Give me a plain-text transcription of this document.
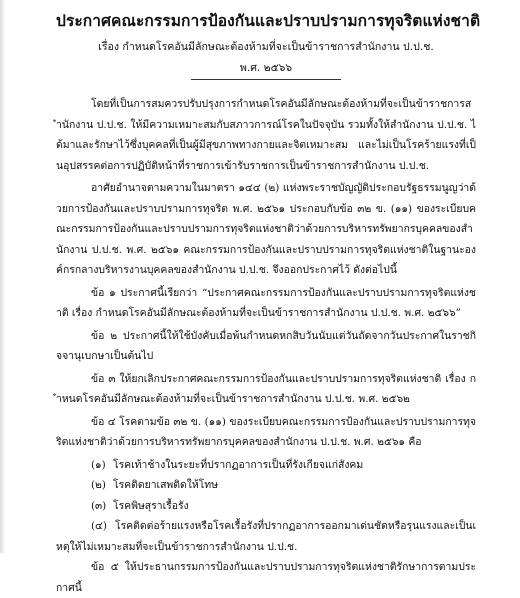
ประกาศคณะกรรมการป้องกันและปราบปรามการทุจริตแห่งชาติ
เรื่อง กำหนดโรคอันมีลักษณะต้องห้ามที่จะเป็นข้าราชการสำนักงาน ป.ป.ช.
พ.ศ. ๒๕๖๖

โดยที่เป็นการสมควรปรับปรุงการกำหนดโรคอันมีลักษณะต้องห้ามที่จะเป็นข้าราชการสำนักงาน ป.ป.ช. ให้มีความเหมาะสมกับสภาวการณ์โรคในปัจจุบัน รวมทั้งให้สำนักงาน ป.ป.ช. ได้มาและรักษาไว้ซึ่งบุคคลที่เป็นผู้มีสุขภาพทางกายและจิตเหมาะสม และไม่เป็นโรคร้ายแรงที่เป็นอุปสรรคต่อการปฏิบัติหน้าที่ราชการเข้ารับราชการเป็นข้าราชการสำนักงาน ป.ป.ช.

อาศัยอำนาจตามความในมาตรา ๑๔๔ (๒) แห่งพระราชบัญญัติประกอบรัฐธรรมนูญว่าด้วยการป้องกันและปราบปรามการทุจริต พ.ศ. ๒๕๖๑ ประกอบกับข้อ ๓๒ ข. (๑๑) ของระเบียบคณะกรรมการป้องกันและปราบปรามการทุจริตแห่งชาติว่าด้วยการบริหารทรัพยากรบุคคลของสำนักงาน ป.ป.ช. พ.ศ. ๒๕๖๑ คณะกรรมการป้องกันและปราบปรามการทุจริตแห่งชาติในฐานะองค์กรกลางบริหารงานบุคคลของสำนักงาน ป.ป.ช. จึงออกประกาศไว้ ดังต่อไปนี้

ข้อ ๑ ประกาศนี้เรียกว่า “ประกาศคณะกรรมการป้องกันและปราบปรามการทุจริตแห่งชาติ เรื่อง กำหนดโรคอันมีลักษณะต้องห้ามที่จะเป็นข้าราชการสำนักงาน ป.ป.ช. พ.ศ. ๒๕๖๖”

ข้อ ๒ ประกาศนี้ให้ใช้บังคับเมื่อพ้นกำหนดหกสิบวันนับแต่วันถัดจากวันประกาศในราชกิจจานุเบกษาเป็นต้นไป

ข้อ ๓ ให้ยกเลิกประกาศคณะกรรมการป้องกันและปราบปรามการทุจริตแห่งชาติ เรื่อง กำหนดโรคอันมีลักษณะต้องห้ามที่จะเป็นข้าราชการสำนักงาน ป.ป.ช. พ.ศ. ๒๕๖๒

ข้อ ๔ โรคตามข้อ ๓๒ ข. (๑๑) ของระเบียบคณะกรรมการป้องกันและปราบปรามการทุจริตแห่งชาติว่าด้วยการบริหารทรัพยากรบุคคลของสำนักงาน ป.ป.ช. พ.ศ. ๒๕๖๑ คือ

(๑) โรคเท้าช้างในระยะที่ปรากฏอาการเป็นที่รังเกียจแก่สังคม
(๒) โรคติดยาเสพติดให้โทษ
(๓) โรคพิษสุราเรื้อรัง

(๔) โรคติดต่อร้ายแรงหรือโรคเรื้อรังที่ปรากฏอาการออกมาเด่นชัดหรือรุนแรงและเป็นเหตุให้ไม่เหมาะสมที่จะเป็นข้าราชการสำนักงาน ป.ป.ช.

ข้อ ๕ ให้ประธานกรรมการป้องกันและปราบปรามการทุจริตแห่งชาติรักษาการตามประกาศนี้
